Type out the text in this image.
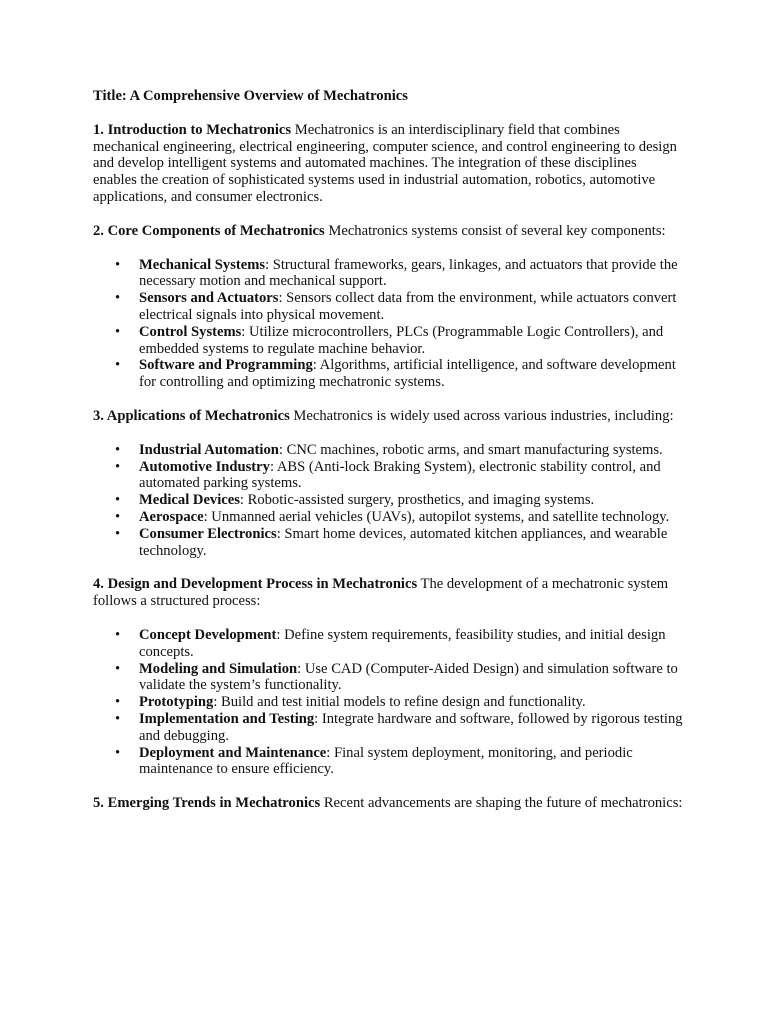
Title: A Comprehensive Overview of Mechatronics

1. Introduction to Mechatronics Mechatronics is an interdisciplinary field that combines mechanical engineering, electrical engineering, computer science, and control engineering to design and develop intelligent systems and automated machines. The integration of these disciplines enables the creation of sophisticated systems used in industrial automation, robotics, automotive applications, and consumer electronics.

2. Core Components of Mechatronics Mechatronics systems consist of several key components:

• Mechanical Systems: Structural frameworks, gears, linkages, and actuators that provide the necessary motion and mechanical support.
• Sensors and Actuators: Sensors collect data from the environment, while actuators convert electrical signals into physical movement.
• Control Systems: Utilize microcontrollers, PLCs (Programmable Logic Controllers), and embedded systems to regulate machine behavior.
• Software and Programming: Algorithms, artificial intelligence, and software development for controlling and optimizing mechatronic systems.

3. Applications of Mechatronics Mechatronics is widely used across various industries, including:

• Industrial Automation: CNC machines, robotic arms, and smart manufacturing systems.
• Automotive Industry: ABS (Anti-lock Braking System), electronic stability control, and automated parking systems.
• Medical Devices: Robotic-assisted surgery, prosthetics, and imaging systems.
• Aerospace: Unmanned aerial vehicles (UAVs), autopilot systems, and satellite technology.
• Consumer Electronics: Smart home devices, automated kitchen appliances, and wearable technology.

4. Design and Development Process in Mechatronics The development of a mechatronic system follows a structured process:

• Concept Development: Define system requirements, feasibility studies, and initial design concepts.
• Modeling and Simulation: Use CAD (Computer-Aided Design) and simulation software to validate the system’s functionality.
• Prototyping: Build and test initial models to refine design and functionality.
• Implementation and Testing: Integrate hardware and software, followed by rigorous testing and debugging.
• Deployment and Maintenance: Final system deployment, monitoring, and periodic maintenance to ensure efficiency.

5. Emerging Trends in Mechatronics Recent advancements are shaping the future of mechatronics:
